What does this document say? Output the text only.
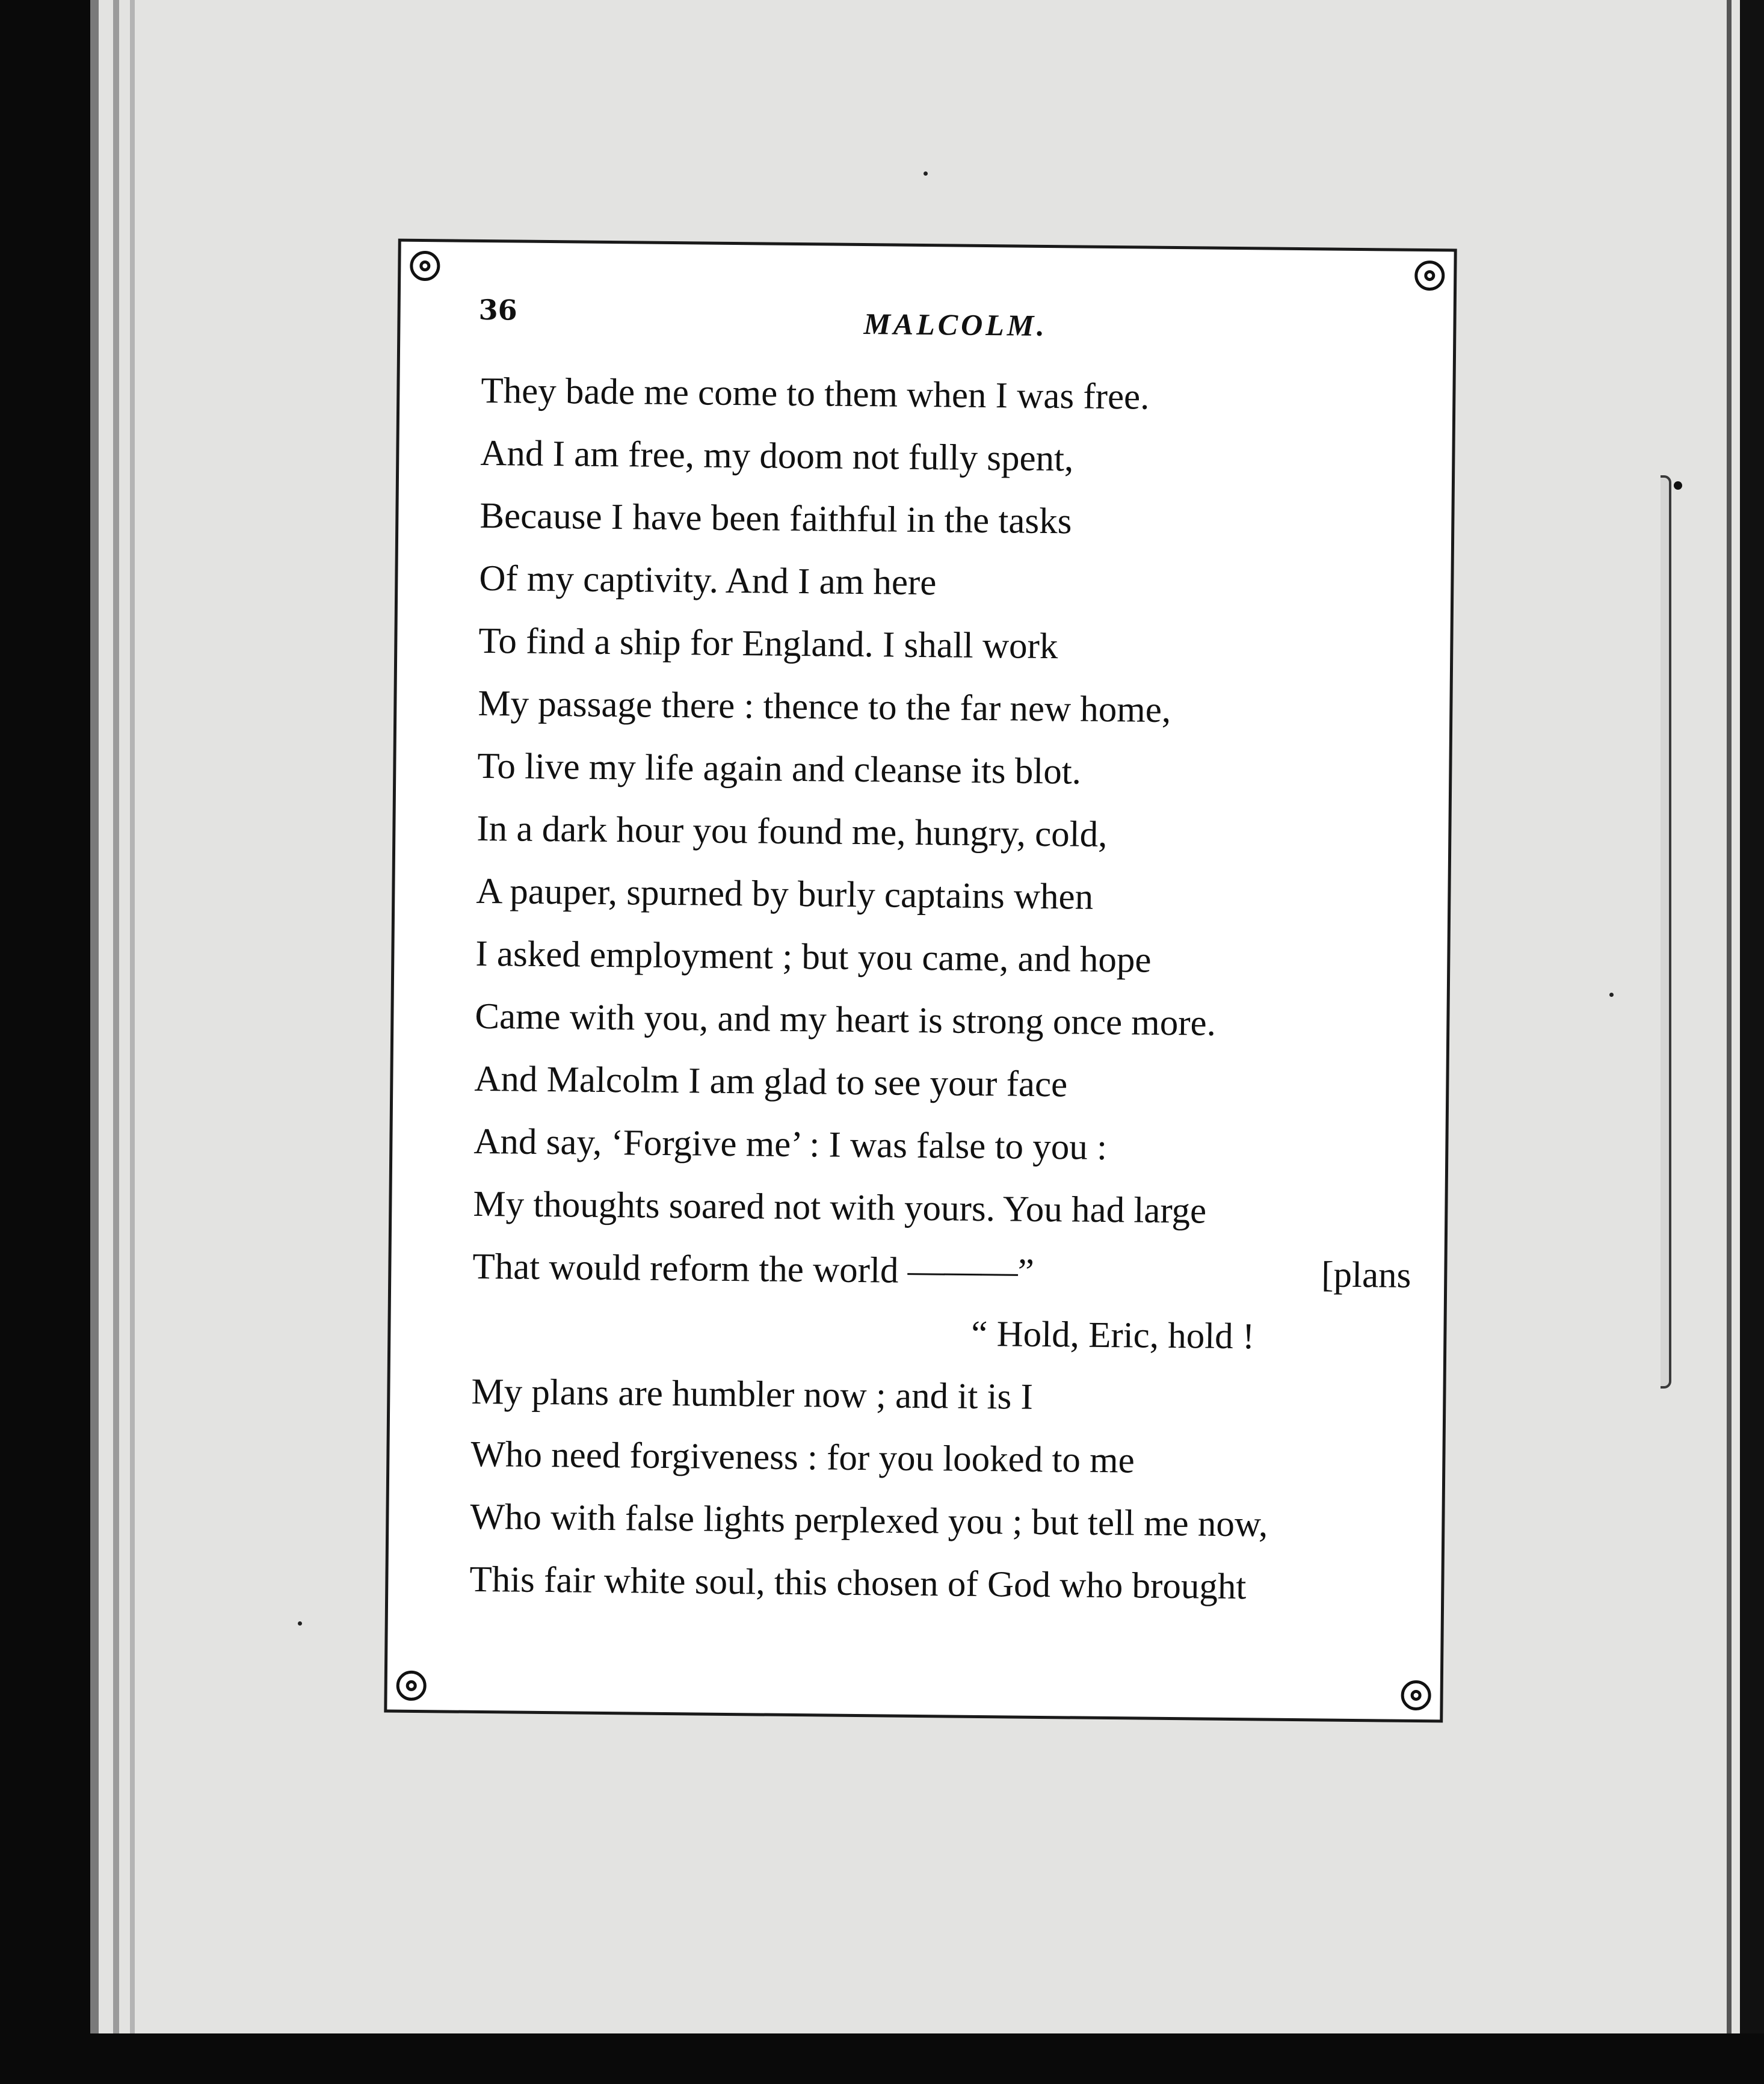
36	MALCOLM.
They bade me come to them when I was free.
And I am free, my doom not fully spent,
Because I have been faithful in the tasks
Of my captivity. And I am here
To find a ship for England. I shall work
My passage there : thence to the far new home,
To live my life again and cleanse its blot.
In a dark hour you found me, hungry, cold,
A pauper, spurned by burly captains when
I asked employment ; but you came, and hope
Came with you, and my heart is strong once more.
And Malcolm I am glad to see your face
And say, ‘Forgive me’ : I was false to you :
My thoughts soared not with yours. You had large
That would reform the world ———”	[plans
“ Hold, Eric, hold !
My plans are humbler now ; and it is I
Who need forgiveness : for you looked to me
Who with false lights perplexed you ; but tell me now,
This fair white soul, this chosen of God who brought
